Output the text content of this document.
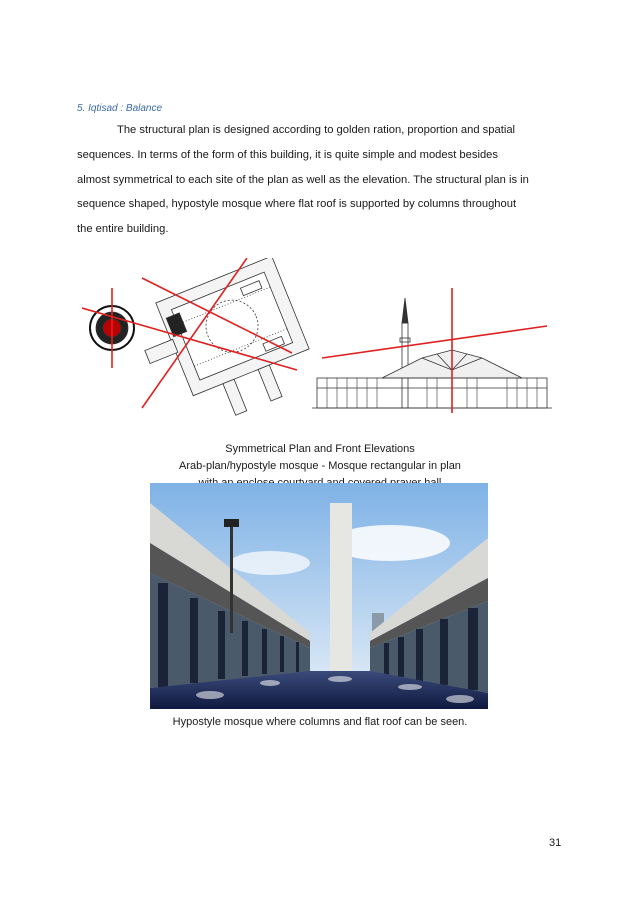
5. Iqtisad : Balance

The structural plan is designed according to golden ration, proportion and spatial
sequences. In terms of the form of this building, it is quite simple and modest besides
almost symmetrical to each site of the plan as well as the elevation. The structural plan is in
sequence shaped, hypostyle mosque where flat roof is supported by columns throughout
the entire building.

Symmetrical Plan and Front Elevations
Arab-plan/hypostyle mosque - Mosque rectangular in plan
Hypostyle mosque where columns and flat roof can be seen.
31
